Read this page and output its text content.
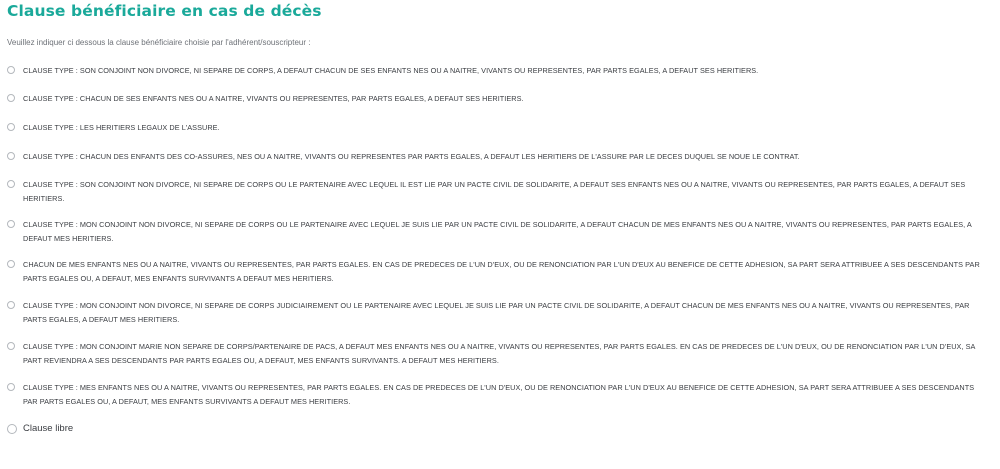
Clause bénéficiaire en cas de décès
Veuillez indiquer ci dessous la clause bénéficiaire choisie par l'adhérent/souscripteur :
CLAUSE TYPE : SON CONJOINT NON DIVORCE, NI SEPARE DE CORPS, A DEFAUT CHACUN DE SES ENFANTS NES OU A NAITRE, VIVANTS OU REPRESENTES, PAR PARTS EGALES, A DEFAUT SES HERITIERS.
CLAUSE TYPE : CHACUN DE SES ENFANTS NES OU A NAITRE, VIVANTS OU REPRESENTES, PAR PARTS EGALES, A DEFAUT SES HERITIERS.
CLAUSE TYPE : LES HERITIERS LEGAUX DE L'ASSURE.
CLAUSE TYPE : CHACUN DES ENFANTS DES CO-ASSURES, NES OU A NAITRE, VIVANTS OU REPRESENTES PAR PARTS EGALES, A DEFAUT LES HERITIERS DE L'ASSURE PAR LE DECES DUQUEL SE NOUE LE CONTRAT.
CLAUSE TYPE : SON CONJOINT NON DIVORCE, NI SEPARE DE CORPS OU LE PARTENAIRE AVEC LEQUEL IL EST LIE PAR UN PACTE CIVIL DE SOLIDARITE, A DEFAUT SES ENFANTS NES OU A NAITRE, VIVANTS OU REPRESENTES, PAR PARTS EGALES, A DEFAUT SES HERITIERS.
CLAUSE TYPE : MON CONJOINT NON DIVORCE, NI SEPARE DE CORPS OU LE PARTENAIRE AVEC LEQUEL JE SUIS LIE PAR UN PACTE CIVIL DE SOLIDARITE, A DEFAUT CHACUN DE MES ENFANTS NES OU A NAITRE, VIVANTS OU REPRESENTES, PAR PARTS EGALES, A DEFAUT MES HERITIERS.
CHACUN DE MES ENFANTS NES OU A NAITRE, VIVANTS OU REPRESENTES, PAR PARTS EGALES. EN CAS DE PREDECES DE L'UN D'EUX, OU DE RENONCIATION PAR L'UN D'EUX AU BENEFICE DE CETTE ADHESION, SA PART SERA ATTRIBUEE A SES DESCENDANTS PAR PARTS EGALES OU, A DEFAUT, MES ENFANTS SURVIVANTS A DEFAUT MES HERITIERS.
CLAUSE TYPE : MON CONJOINT NON DIVORCE, NI SEPARE DE CORPS JUDICIAIREMENT OU LE PARTENAIRE AVEC LEQUEL JE SUIS LIE PAR UN PACTE CIVIL DE SOLIDARITE, A DEFAUT CHACUN DE MES ENFANTS NES OU A NAITRE, VIVANTS OU REPRESENTES, PAR PARTS EGALES, A DEFAUT MES HERITIERS.
CLAUSE TYPE : MON CONJOINT MARIE NON SEPARE DE CORPS/PARTENAIRE DE PACS, A DEFAUT MES ENFANTS NES OU A NAITRE, VIVANTS OU REPRESENTES, PAR PARTS EGALES. EN CAS DE PREDECES DE L'UN D'EUX, OU DE RENONCIATION PAR L'UN D'EUX, SA PART REVIENDRA A SES DESCENDANTS PAR PARTS EGALES OU, A DEFAUT, MES ENFANTS SURVIVANTS. A DEFAUT MES HERITIERS.
CLAUSE TYPE : MES ENFANTS NES OU A NAITRE, VIVANTS OU REPRESENTES, PAR PARTS EGALES. EN CAS DE PREDECES DE L'UN D'EUX, OU DE RENONCIATION PAR L'UN D'EUX AU BENEFICE DE CETTE ADHESION, SA PART SERA ATTRIBUEE A SES DESCENDANTS PAR PARTS EGALES OU, A DEFAUT, MES ENFANTS SURVIVANTS A DEFAUT MES HERITIERS.
Clause libre
